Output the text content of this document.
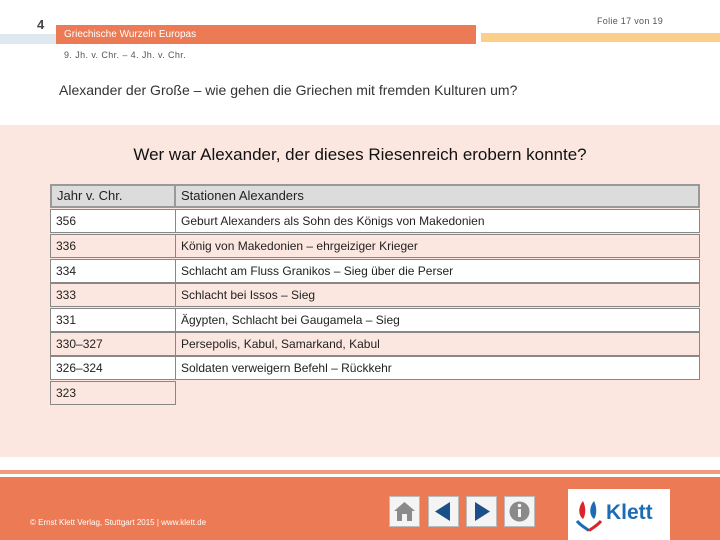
4
Griechische Wurzeln Europas
Folie 17 von 19
9. Jh. v. Chr. – 4. Jh. v. Chr.
Alexander der Große – wie gehen die Griechen mit fremden Kulturen um?
Wer war Alexander, der dieses Riesenreich erobern konnte?
Jahr v. Chr.	Stationen Alexanders
356	Geburt Alexanders als Sohn des Königs von Makedonien
336	König von Makedonien – ehrgeiziger Krieger
334	Schlacht am Fluss Granikos – Sieg über die Perser
333	Schlacht bei Issos – Sieg
331	Ägypten, Schlacht bei Gaugamela – Sieg
330–327	Persepolis, Kabul, Samarkand, Kabul
326–324	Soldaten verweigern Befehl – Rückkehr
323
© Ernst Klett Verlag, Stuttgart 2015 | www.klett.de	Klett
